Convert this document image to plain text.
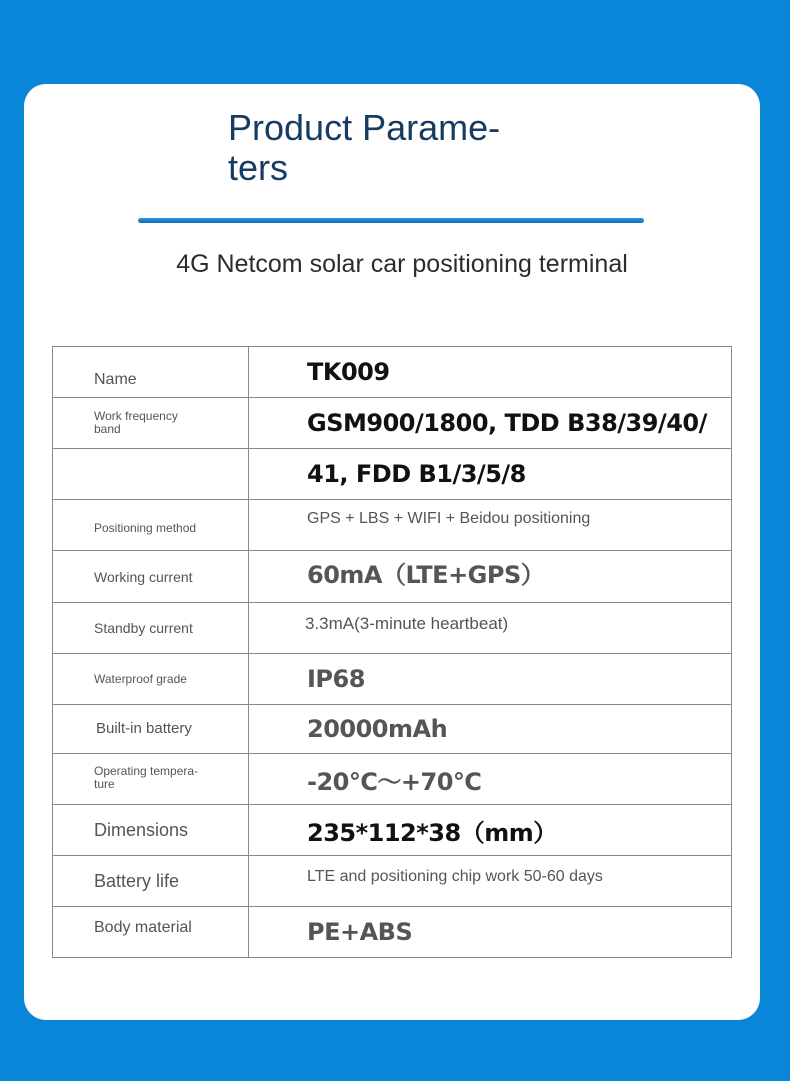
Product Parame-
ters
4G Netcom solar car positioning terminal
Name	TK009

Work frequency band	GSM900/1800, TDD B38/39/40/
	41, FDD B1/3/5/8
Positioning method	GPS + LBS + WIFI + Beidou positioning
Working current	60mA（LTE+GPS）
Standby current	3.3mA(3-minute heartbeat)
Waterproof grade	IP68
Built-in battery	20000mAh

Operating tempera-
ture	-20℃～+70℃
Dimensions	235*112*38（mm）
Battery life	LTE and positioning chip work 50-60 days
Body material	PE+ABS
